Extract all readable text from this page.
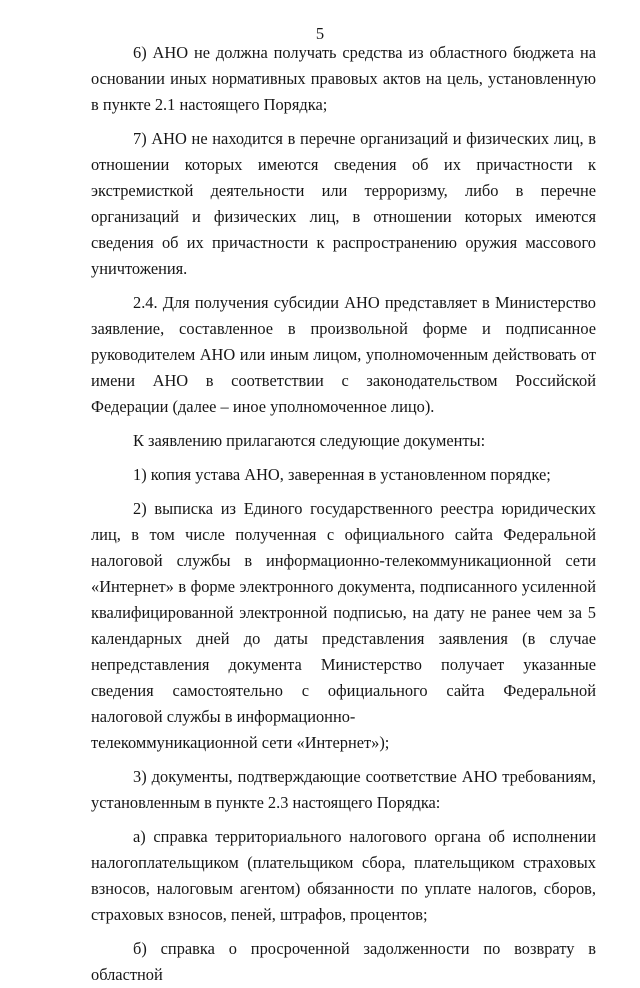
5

6) АНО не должна получать средства из областного бюджета на основании иных нормативных правовых актов на цель, установленную в пункте 2.1 настоящего Порядка;

7) АНО не находится в перечне организаций и физических лиц, в отношении которых имеются сведения об их причастности к экстремисткой деятельности или терроризму, либо в перечне организаций и физических лиц, в отношении которых имеются сведения об их причастности к распространению оружия массового уничтожения.

2.4. Для получения субсидии АНО представляет в Министерство заявление, составленное в произвольной форме и подписанное руководителем АНО или иным лицом, уполномоченным действовать от имени АНО в соответствии с законодательством Российской Федерации (далее – иное уполномоченное лицо).

К заявлению прилагаются следующие документы:

1) копия устава АНО, заверенная в установленном порядке;

2) выписка из Единого государственного реестра юридических лиц, в том числе полученная с официального сайта Федеральной налоговой службы в информационно-телекоммуникационной сети «Интернет» в форме электронного документа, подписанного усиленной квалифицированной электронной подписью, на дату не ранее чем за 5 календарных дней до даты представления заявления (в случае непредставления документа Министерство получает указанные сведения самостоятельно с официального сайта Федеральной налоговой службы в информационно-
телекоммуникационной сети «Интернет»);

3) документы, подтверждающие соответствие АНО требованиям, установленным в пункте 2.3 настоящего Порядка:

а) справка территориального налогового органа об исполнении налогоплательщиком (плательщиком сбора, плательщиком страховых взносов, налоговым агентом) обязанности по уплате налогов, сборов, страховых взносов, пеней, штрафов, процентов;

б) справка о просроченной задолженности по возврату в областной
